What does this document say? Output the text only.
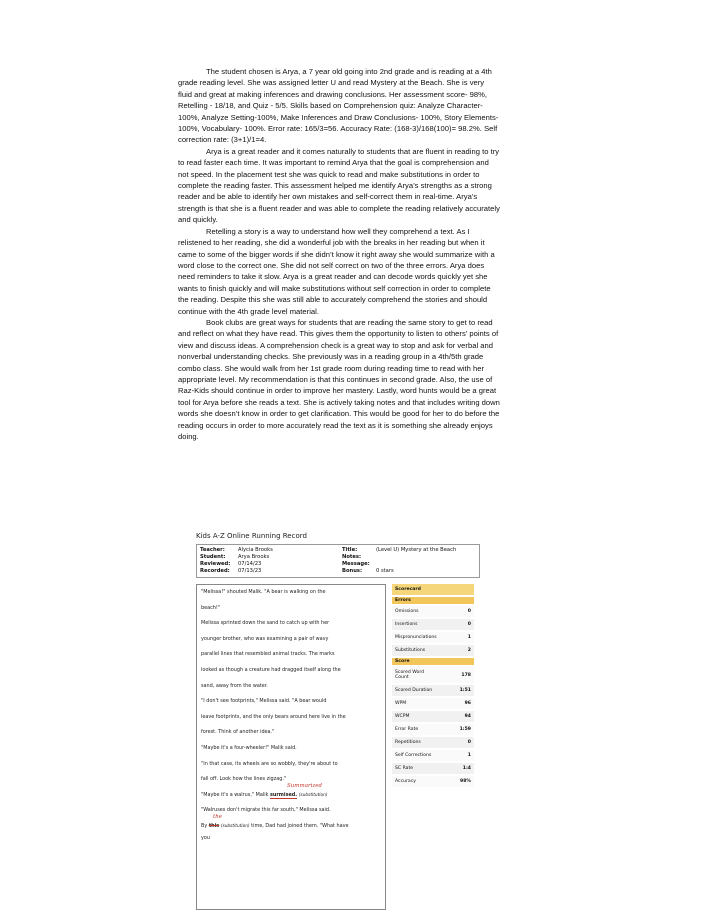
The student chosen is Arya, a 7 year old going into 2nd grade and is reading at a 4th grade reading level. She was assigned letter U and read Mystery at the Beach. She is very fluid and great at making inferences and drawing conclusions. Her assessment score- 98%, Retelling - 18/18, and Quiz - 5/5. Skills based on Comprehension quiz: Analyze Character- 100%, Analyze Setting-100%, Make Inferences and Draw Conclusions- 100%, Story Elements- 100%, Vocabulary- 100%. Error rate: 165/3=56. Accuracy Rate: (168-3)/168(100)= 98.2%. Self correction rate: (3+1)/1=4.

Arya is a great reader and it comes naturally to students that are fluent in reading to try to read faster each time. It was important to remind Arya that the goal is comprehension and not speed. In the placement test she was quick to read and make substitutions in order to complete the reading faster. This assessment helped me identify Arya’s strengths as a strong reader and be able to identify her own mistakes and self-correct them in real-time. Arya’s strength is that she is a fluent reader and was able to complete the reading relatively accurately and quickly.

Retelling a story is a way to understand how well they comprehend a text. As I relistened to her reading, she did a wonderful job with the breaks in her reading but when it came to some of the bigger words if she didn’t know it right away she would summarize with a word close to the correct one. She did not self correct on two of the three errors. Arya does need reminders to take it slow. Arya is a great reader and can decode words quickly yet she wants to finish quickly and will make substitutions without self correction in order to complete the reading. Despite this she was still able to accurately comprehend the stories and should continue with the 4th grade level material.

Book clubs are great ways for students that are reading the same story to get to read and reflect on what they have read. This gives them the opportunity to listen to others’ points of view and discuss ideas. A comprehension check is a great way to stop and ask for verbal and nonverbal understanding checks. She previously was in a reading group in a 4th/5th grade combo class. She would walk from her 1st grade room during reading time to read with her appropriate level. My recommendation is that this continues in second grade. Also, the use of Raz-Kids should continue in order to improve her mastery. Lastly, word hunts would be a great tool for Arya before she reads a text. She is actively taking notes and that includes writing down words she doesn’t know in order to get clarification. This would be good for her to do before the reading occurs in order to more accurately read the text as it is something she already enjoys doing.

Kids A-Z Online Running Record
Teacher:	Alycia Brooks	Title:	(Level U) Mystery at the Beach
Student:	Arya Brooks	Notes:
Reviewed:	07/14/23	Message:
Recorded:	07/13/23	Bonus:	0 stars
"Melissa!" shouted Malik. "A bear is walking on the
beach!"
Melissa sprinted down the sand to catch up with her
younger brother, who was examining a pair of wavy
parallel lines that resembled animal tracks. The marks
looked as though a creature had dragged itself along the
sand, away from the water.
"I don't see footprints," Melissa said. "A bear would
leave footprints, and the only bears around here live in the
forest. Think of another idea."
"Maybe it's a four-wheeler!" Malik said.
"In that case, its wheels are so wobbly, they're about to
fall off. Look how the lines zigzag."
"Maybe it's a walrus," Malik surmised. (substitution)
Summarized
"Walruses don't migrate this far south," Melissa said.
By this (substitution) time, Dad had joined them. "What have
the
you
Scorecard
Errors
Omissions	0
Insertions	0
Mispronunciations	1
Substitutions	2
Score
Scored Word Count	178
Scored Duration	1:51
WPM	96
WCPM	94
Error Rate	1:59
Repetitions	0
Self Corrections	1
SC Rate	1:4
Accuracy	98%
